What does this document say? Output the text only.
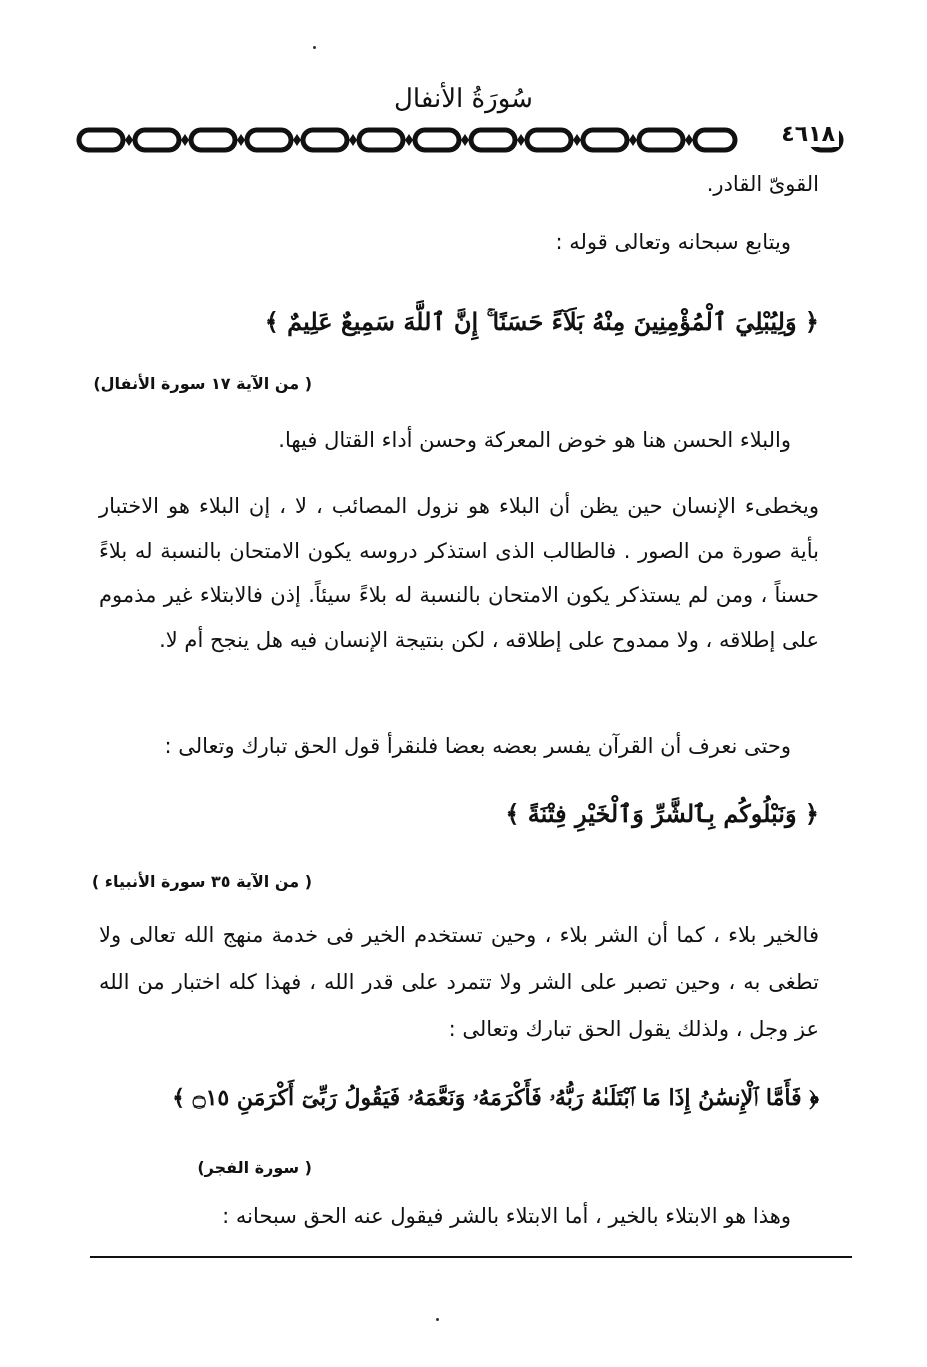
سُورَةُ الأنفال
٤٦١٨
القوىّ القادر.
ويتابع سبحانه وتعالى قوله :
﴿ وَلِيُبْلِيَ ٱلْمُؤْمِنِينَ مِنْهُ بَلَآءً حَسَنًا ۚ إِنَّ ٱللَّهَ سَمِيعٌ عَلِيمٌ ﴾
( من الآية ١٧ سورة الأنفال)
والبلاء الحسن هنا هو خوض المعركة وحسن أداء القتال فيها.
ويخطىء الإنسان حين يظن أن البلاء هو نزول المصائب ، لا ، إن البلاء هو الاختبار بأية صورة من الصور . فالطالب الذى استذكر دروسه يكون الامتحان بالنسبة له بلاءً حسناً ، ومن لم يستذكر يكون الامتحان بالنسبة له بلاءً سيئاً. إذن فالابتلاء غير مذموم على إطلاقه ، ولا ممدوح على إطلاقه ، لكن بنتيجة الإنسان فيه هل ينجح أم لا.
وحتى نعرف أن القرآن يفسر بعضه بعضا فلنقرأ قول الحق تبارك وتعالى :
﴿ وَنَبْلُوكُم بِٱلشَّرِّ وَٱلْخَيْرِ فِتْنَةً ﴾
( من الآية ٣٥ سورة الأنبياء )
فالخير بلاء ، كما أن الشر بلاء ، وحين تستخدم الخير فى خدمة منهج الله تعالى ولا تطغى به ، وحين تصبر على الشر ولا تتمرد على قدر الله ، فهذا كله اختبار من الله عز وجل ، ولذلك يقول الحق تبارك وتعالى :
﴿ فَأَمَّا ٱلْإِنسَٰنُ إِذَا مَا ٱبْتَلَىٰهُ رَبُّهُۥ فَأَكْرَمَهُۥ وَنَعَّمَهُۥ فَيَقُولُ رَبِّىٓ أَكْرَمَنِ ۝١٥ ﴾
( سورة الفجر)
وهذا هو الابتلاء بالخير ، أما الابتلاء بالشر فيقول عنه الحق سبحانه :
